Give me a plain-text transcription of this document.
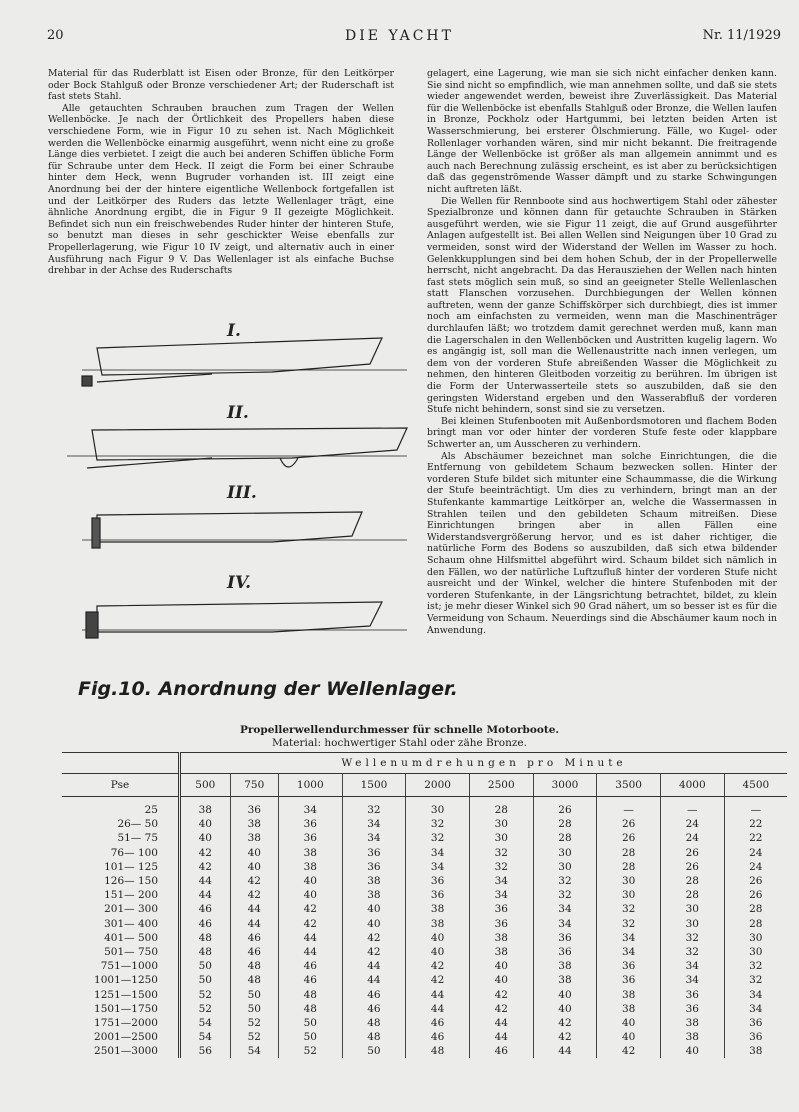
DIE YACHT
20	Nr. 11/1929

Material für das Ruderblatt ist Eisen oder Bronze, für den Leitkörper oder Bock Stahlguß oder Bronze verschiedener Art; der Ruderschaft ist fast stets Stahl.

Alle getauchten Schrauben brauchen zum Tragen der Wellen Wellenböcke. Je nach der Örtlichkeit des Propellers haben diese verschiedene Form, wie in Figur 10 zu sehen ist. Nach Möglichkeit werden die Wellenböcke einarmig ausgeführt, wenn nicht eine zu große Länge dies verbietet. I zeigt die auch bei anderen Schiffen übliche Form für Schraube unter dem Heck. II zeigt die Form bei einer Schraube hinter dem Heck, wenn Bugruder vorhanden ist. III zeigt eine Anordnung bei der der hintere eigentliche Wellenbock fortgefallen ist und der Leitkörper des Ruders das letzte Wellenlager trägt, eine ähnliche Anordnung ergibt, die in Figur 9 II gezeigte Möglichkeit. Befindet sich nun ein freischwebendes Ruder hinter der hinteren Stufe, so benutzt man dieses in sehr geschickter Weise ebenfalls zur Propellerlagerung, wie Figur 10 IV zeigt, und alternativ auch in einer Ausführung nach Figur 9 V. Das Wellenlager ist als einfache Buchse drehbar in der Achse des Ruderschafts

gelagert, eine Lagerung, wie man sie sich nicht einfacher denken kann. Sie sind nicht so empfindlich, wie man annehmen sollte, und daß sie stets wieder angewendet werden, beweist ihre Zuverlässigkeit. Das Material für die Wellenböcke ist ebenfalls Stahlguß oder Bronze, die Wellen laufen in Bronze, Pockholz oder Hartgummi, bei letzten beiden Arten ist Wasserschmierung, bei ersterer Ölschmierung. Fälle, wo Kugel- oder Rollenlager vorhanden wären, sind mir nicht bekannt. Die freitragende Länge der Wellenböcke ist größer als man allgemein annimmt und es auch nach Berechnung zulässig erscheint, es ist aber zu berücksichtigen daß das gegenströmende Wasser dämpft und zu starke Schwingungen nicht auftreten läßt.

Die Wellen für Rennboote sind aus hochwertigem Stahl oder zähester Spezialbronze und können dann für getauchte Schrauben in Stärken ausgeführt werden, wie sie Figur 11 zeigt, die auf Grund ausgeführter Anlagen aufgestellt ist. Bei allen Wellen sind Neigungen über 10 Grad zu vermeiden, sonst wird der Widerstand der Wellen im Wasser zu hoch. Gelenkkupplungen sind bei dem hohen Schub, der in der Propellerwelle herrscht, nicht angebracht. Da das Herausziehen der Wellen nach hinten fast stets möglich sein muß, so sind an geeigneter Stelle Wellenlaschen statt Flanschen vorzusehen. Durchbiegungen der Wellen können auftreten, wenn der ganze Schiffskörper sich durchbiegt, dies ist immer noch am einfachsten zu vermeiden, wenn man die Maschinenträger durchlaufen läßt; wo trotzdem damit gerechnet werden muß, kann man die Lagerschalen in den Wellenböcken und Austritten kugelig lagern. Wo es angängig ist, soll man die Wellenaustritte nach innen verlegen, um dem von der vorderen Stufe abreißenden Wasser die Möglichkeit zu nehmen, den hinteren Gleitboden vorzeitig zu berühren. Im übrigen ist die Form der Unterwasserteile stets so auszubilden, daß sie den geringsten Widerstand ergeben und den Wasserabfluß der vorderen Stufe nicht behindern, sonst sind sie zu versetzen.

Bei kleinen Stufenbooten mit Außenbordsmotoren und flachem Boden bringt man vor oder hinter der vorderen Stufe feste oder klappbare Schwerter an, um Ausscheren zu verhindern.

Als Abschäumer bezeichnet man solche Einrichtungen, die die Entfernung von gebildetem Schaum bezwecken sollen. Hinter der vorderen Stufe bildet sich mitunter eine Schaummasse, die die Wirkung der Stufe beeinträchtigt. Um dies zu verhindern, bringt man an der Stufenkante kammartige Leitkörper an, welche die Wassermassen in Strahlen teilen und den gebildeten Schaum mitreißen. Diese Einrichtungen bringen aber in allen Fällen eine Widerstandsvergrößerung hervor, und es ist daher richtiger, die natürliche Form des Bodens so auszubilden, daß sich etwa bildender Schaum ohne Hilfsmittel abgeführt wird. Schaum bildet sich nämlich in den Fällen, wo der natürliche Luftzufluß hinter der vorderen Stufe nicht ausreicht und der Winkel, welcher die hintere Stufenboden mit der vorderen Stufenkante, in der Längsrichtung betrachtet, bildet, zu klein ist; je mehr dieser Winkel sich 90 Grad nähert, um so besser ist es für die Vermeidung von Schaum. Neuerdings sind die Abschäumer kaum noch in Anwendung.

I.
II.
III.
IV.
Fig.10. Anordnung der Wellenlager.
Propellerwellendurchmesser für schnelle Motorboote.
Material: hochwertiger Stahl oder zähe Bronze.
	Wellenumdrehungen pro Minute									
Pse	500	750	1000	1500	2000	2500	3000	3500	4000	4500
25	38	36	34	32	30	28	26	—	—	—
26— 50	40	38	36	34	32	30	28	26	24	22
51— 75	40	38	36	34	32	30	28	26	24	22
76— 100	42	40	38	36	34	32	30	28	26	24
101— 125	42	40	38	36	34	32	30	28	26	24
126— 150	44	42	40	38	36	34	32	30	28	26
151— 200	44	42	40	38	36	34	32	30	28	26
201— 300	46	44	42	40	38	36	34	32	30	28
301— 400	46	44	42	40	38	36	34	32	30	28
401— 500	48	46	44	42	40	38	36	34	32	30
501— 750	48	46	44	42	40	38	36	34	32	30
751—1000	50	48	46	44	42	40	38	36	34	32
1001—1250	50	48	46	44	42	40	38	36	34	32
1251—1500	52	50	48	46	44	42	40	38	36	34
1501—1750	52	50	48	46	44	42	40	38	36	34
1751—2000	54	52	50	48	46	44	42	40	38	36
2001—2500	54	52	50	48	46	44	42	40	38	36
2501—3000	56	54	52	50	48	46	44	42	40	38
